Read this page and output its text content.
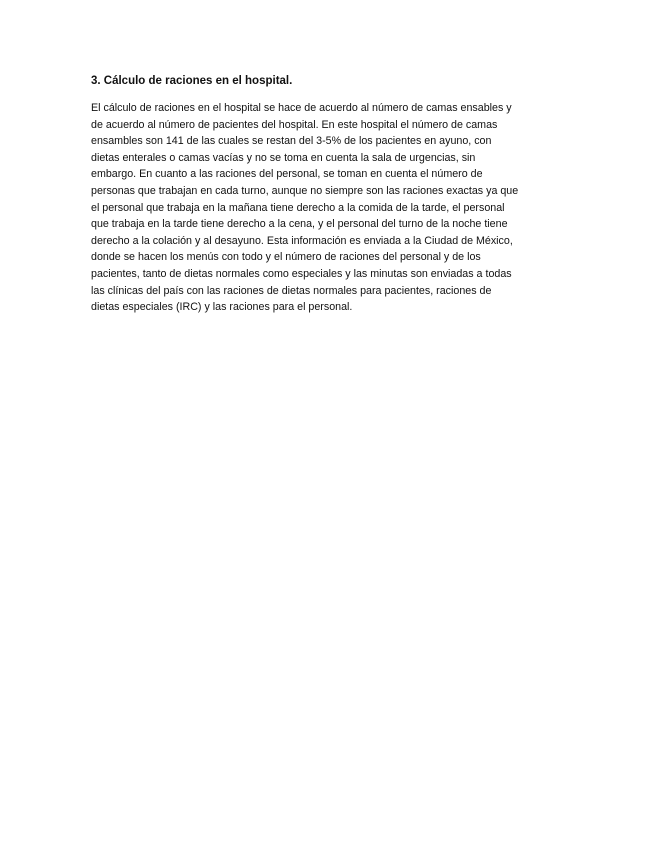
3. Cálculo de raciones en el hospital.

El cálculo de raciones en el hospital se hace de acuerdo al número de camas ensables y
de acuerdo al número de pacientes del hospital. En este hospital el número de camas
ensambles son 141 de las cuales se restan del 3-5% de los pacientes en ayuno, con
dietas enterales o camas vacías y no se toma en cuenta la sala de urgencias, sin
embargo. En cuanto a las raciones del personal, se toman en cuenta el número de
personas que trabajan en cada turno, aunque no siempre son las raciones exactas ya que
el personal que trabaja en la mañana tiene derecho a la comida de la tarde, el personal
que trabaja en la tarde tiene derecho a la cena, y el personal del turno de la noche tiene
derecho a la colación y al desayuno. Esta información es enviada a la Ciudad de México,
donde se hacen los menús con todo y el número de raciones del personal y de los
pacientes, tanto de dietas normales como especiales y las minutas son enviadas a todas
las clínicas del país con las raciones de dietas normales para pacientes, raciones de
dietas especiales (IRC) y las raciones para el personal.
